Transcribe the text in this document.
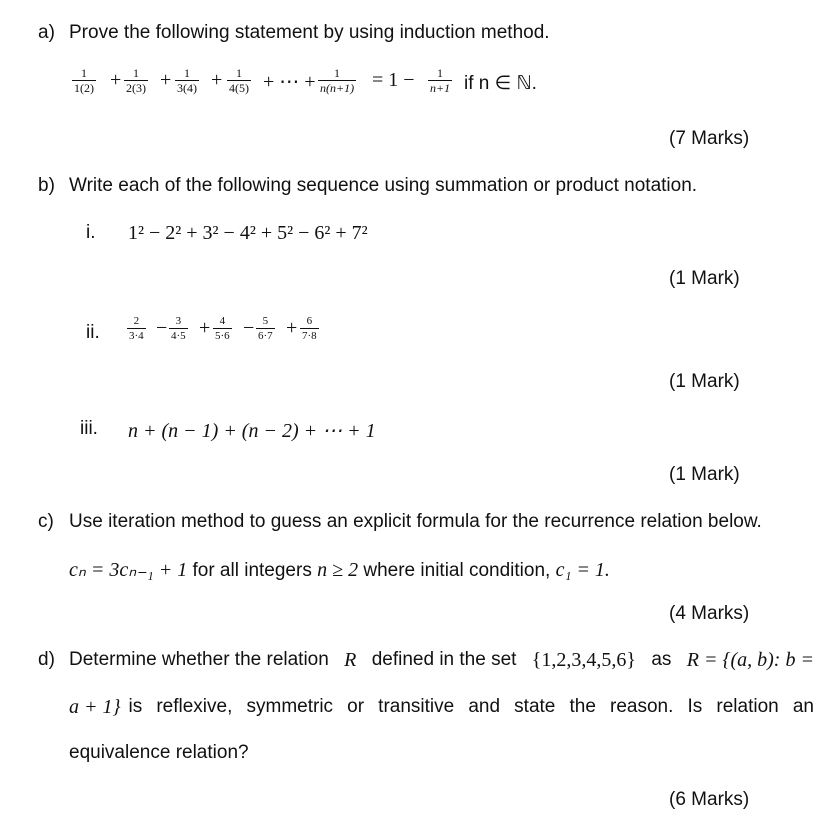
a) Prove the following statement by using induction method.
$\frac{1}{1(2)} + \frac{1}{2(3)} + \frac{1}{3(4)} + \frac{1}{4(5)}$ + ⋯ + $\frac{1}{n(n+1)} = 1 - \frac{1}{n+1}$ if n ∈ ℕ.
(7 Marks)
b) Write each of the following sequence using summation or product notation.
i. 1² − 2² + 3² − 4² + 5² − 6² + 7²
(1 Mark)
ii. $\frac{2}{3\cdot 4} - \frac{3}{4\cdot 5} + \frac{4}{5\cdot 6} - \frac{5}{6\cdot 7} + \frac{6}{7\cdot 8}$
(1 Mark)
iii. n + (n − 1) + (n − 2) + ⋯ + 1
(1 Mark)
c) Use iteration method to guess an explicit formula for the recurrence relation below.
cₙ = 3cₙ₋₁ + 1 for all integers n ≥ 2 where initial condition, c₁ = 1.
(4 Marks)
d) Determine whether the relation R defined in the set {1,2,3,4,5,6} as R = {(a, b): b =
a + 1} is reflexive, symmetric or transitive and state the reason. Is relation an
equivalence relation?
(6 Marks)
